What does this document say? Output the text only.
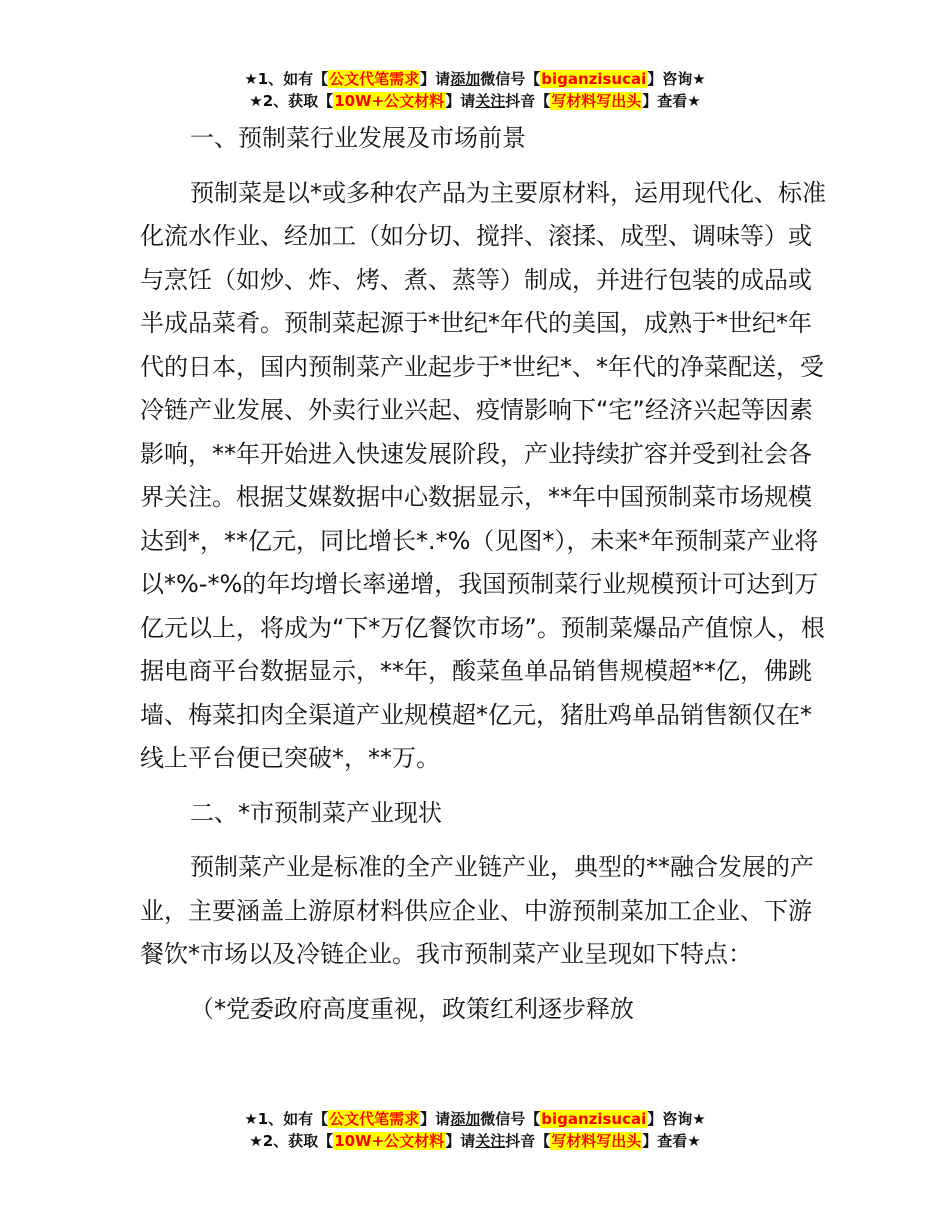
★1、如有【公文代笔需求】请添加微信号【biganzisucai】咨询★
★2、获取【10W+公文材料】请关注抖音【写材料写出头】查看★

一、预制菜行业发展及市场前景

预制菜是以*或多种农产品为主要原材料，运用现代化、标准化流水作业、经加工（如分切、搅拌、滚揉、成型、调味等）或与烹饪（如炒、炸、烤、煮、蒸等）制成，并进行包装的成品或半成品菜肴。预制菜起源于*世纪*年代的美国，成熟于*世纪*年代的日本，国内预制菜产业起步于*世纪*、*年代的净菜配送，受冷链产业发展、外卖行业兴起、疫情影响下“宅”经济兴起等因素影响，**年开始进入快速发展阶段，产业持续扩容并受到社会各界关注。根据艾媒数据中心数据显示，**年中国预制菜市场规模达到*，**亿元，同比增长*.*%（见图*），未来*年预制菜产业将以*%-*%的年均增长率递增，我国预制菜行业规模预计可达到万亿元以上，将成为“下*万亿餐饮市场”。预制菜爆品产值惊人，根据电商平台数据显示，**年，酸菜鱼单品销售规模超**亿，佛跳墙、梅菜扣肉全渠道产业规模超*亿元，猪肚鸡单品销售额仅在*线上平台便已突破*，**万。

二、*市预制菜产业现状

预制菜产业是标准的全产业链产业，典型的**融合发展的产业，主要涵盖上游原材料供应企业、中游预制菜加工企业、下游餐饮*市场以及冷链企业。我市预制菜产业呈现如下特点：

（*党委政府高度重视，政策红利逐步释放

★1、如有【公文代笔需求】请添加微信号【biganzisucai】咨询★
★2、获取【10W+公文材料】请关注抖音【写材料写出头】查看★
